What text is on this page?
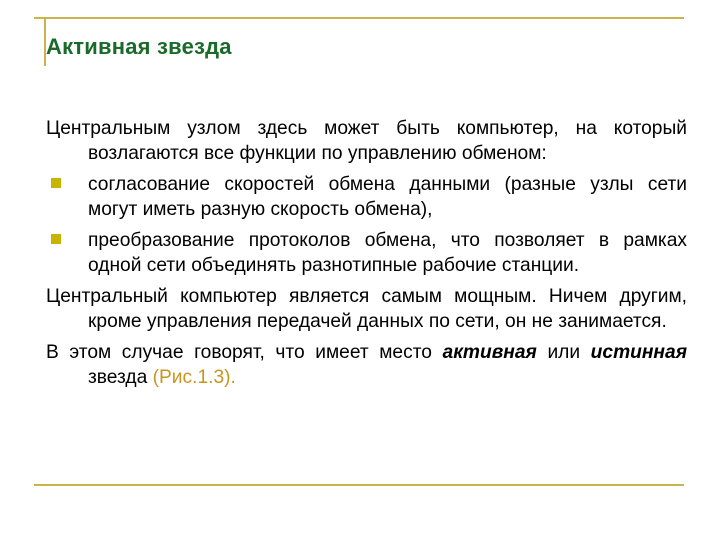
Активная звезда

Центральным узлом здесь может быть компьютер, на который возлагаются все функции по управлению обменом:

согласование скоростей обмена данными (разные узлы сети могут иметь разную скорость обмена),
преобразование протоколов обмена, что позволяет в рамках одной сети объединять разнотипные рабочие станции.

Центральный компьютер является самым мощным. Ничем другим, кроме управления передачей данных по сети, он не занимается.

В этом случае говорят, что имеет место активная или истинная звезда (Рис.1.3).
